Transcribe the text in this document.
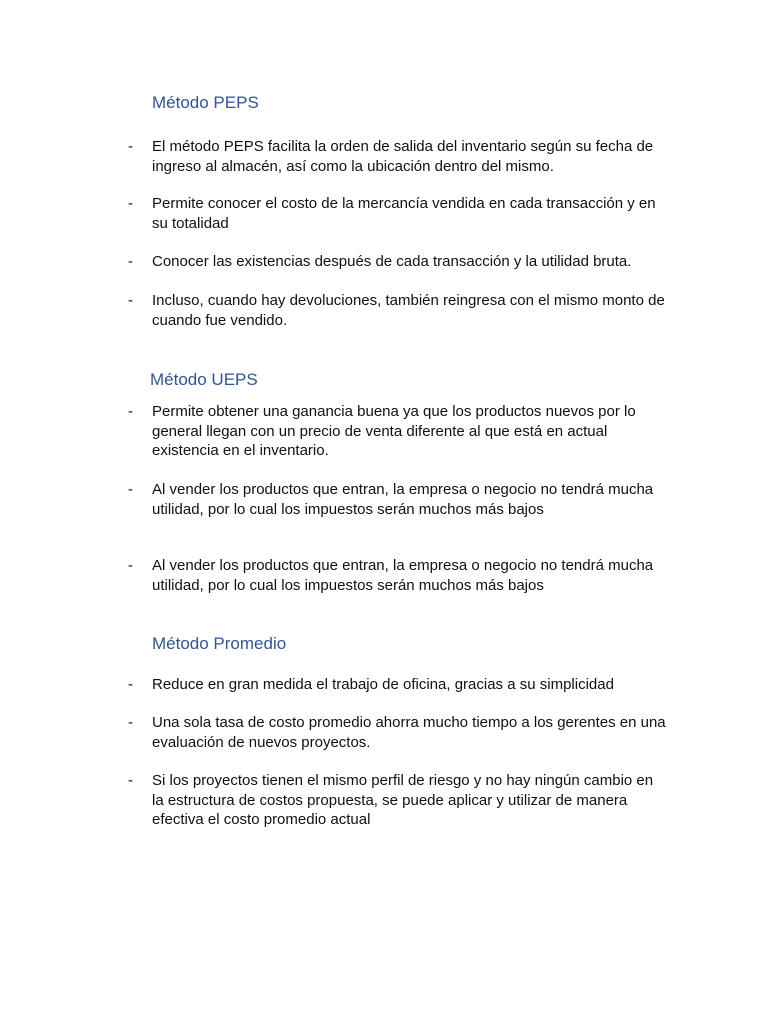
Método PEPS
- El método PEPS facilita la orden de salida del inventario según su fecha de ingreso al almacén, así como la ubicación dentro del mismo.
- Permite conocer el costo de la mercancía vendida en cada transacción y en su totalidad
- Conocer las existencias después de cada transacción y la utilidad bruta.
- Incluso, cuando hay devoluciones, también reingresa con el mismo monto de cuando fue vendido.
Método UEPS
- Permite obtener una ganancia buena ya que los productos nuevos por lo general llegan con un precio de venta diferente al que está en actual existencia en el inventario.
- Al vender los productos que entran, la empresa o negocio no tendrá mucha utilidad, por lo cual los impuestos serán muchos más bajos
- Al vender los productos que entran, la empresa o negocio no tendrá mucha utilidad, por lo cual los impuestos serán muchos más bajos
Método Promedio
- Reduce en gran medida el trabajo de oficina, gracias a su simplicidad
- Una sola tasa de costo promedio ahorra mucho tiempo a los gerentes en una evaluación de nuevos proyectos.
- Si los proyectos tienen el mismo perfil de riesgo y no hay ningún cambio en la estructura de costos propuesta, se puede aplicar y utilizar de manera efectiva el costo promedio actual
